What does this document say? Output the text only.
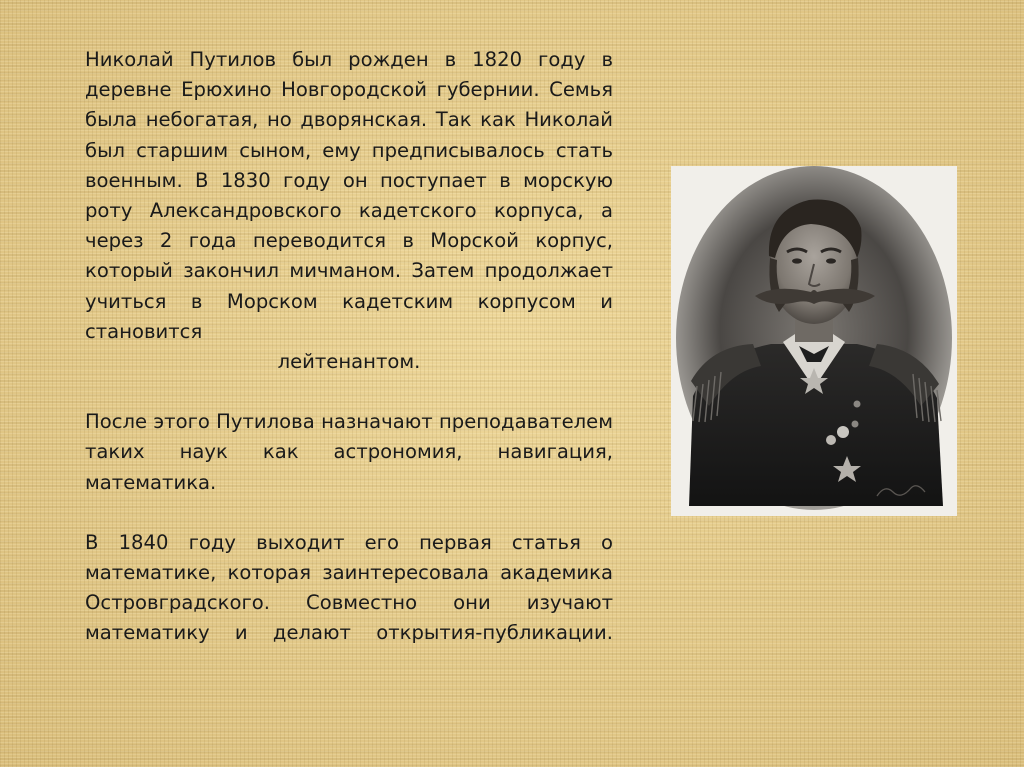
Николай Путилов был рожден в 1820 году в деревне Ерюхино Новгородской губернии. Семья была небогатая, но дворянская. Так как Николай был старшим сыном, ему предписывалось стать военным. В 1830 году он поступает в морскую роту Александровского кадетского корпуса, а через 2 года переводится в Морской корпус, который закончил мичманом. Затем продолжает учиться в Морском кадетским корпусом и становится

лейтенантом.

После этого Путилова назначают преподавателем таких наук как астрономия, навигация, математика.

В 1840 году выходит его первая статья о математике, которая заинтересовала академика Островградского. Совместно они изучают математику и делают открытия-публикации.
